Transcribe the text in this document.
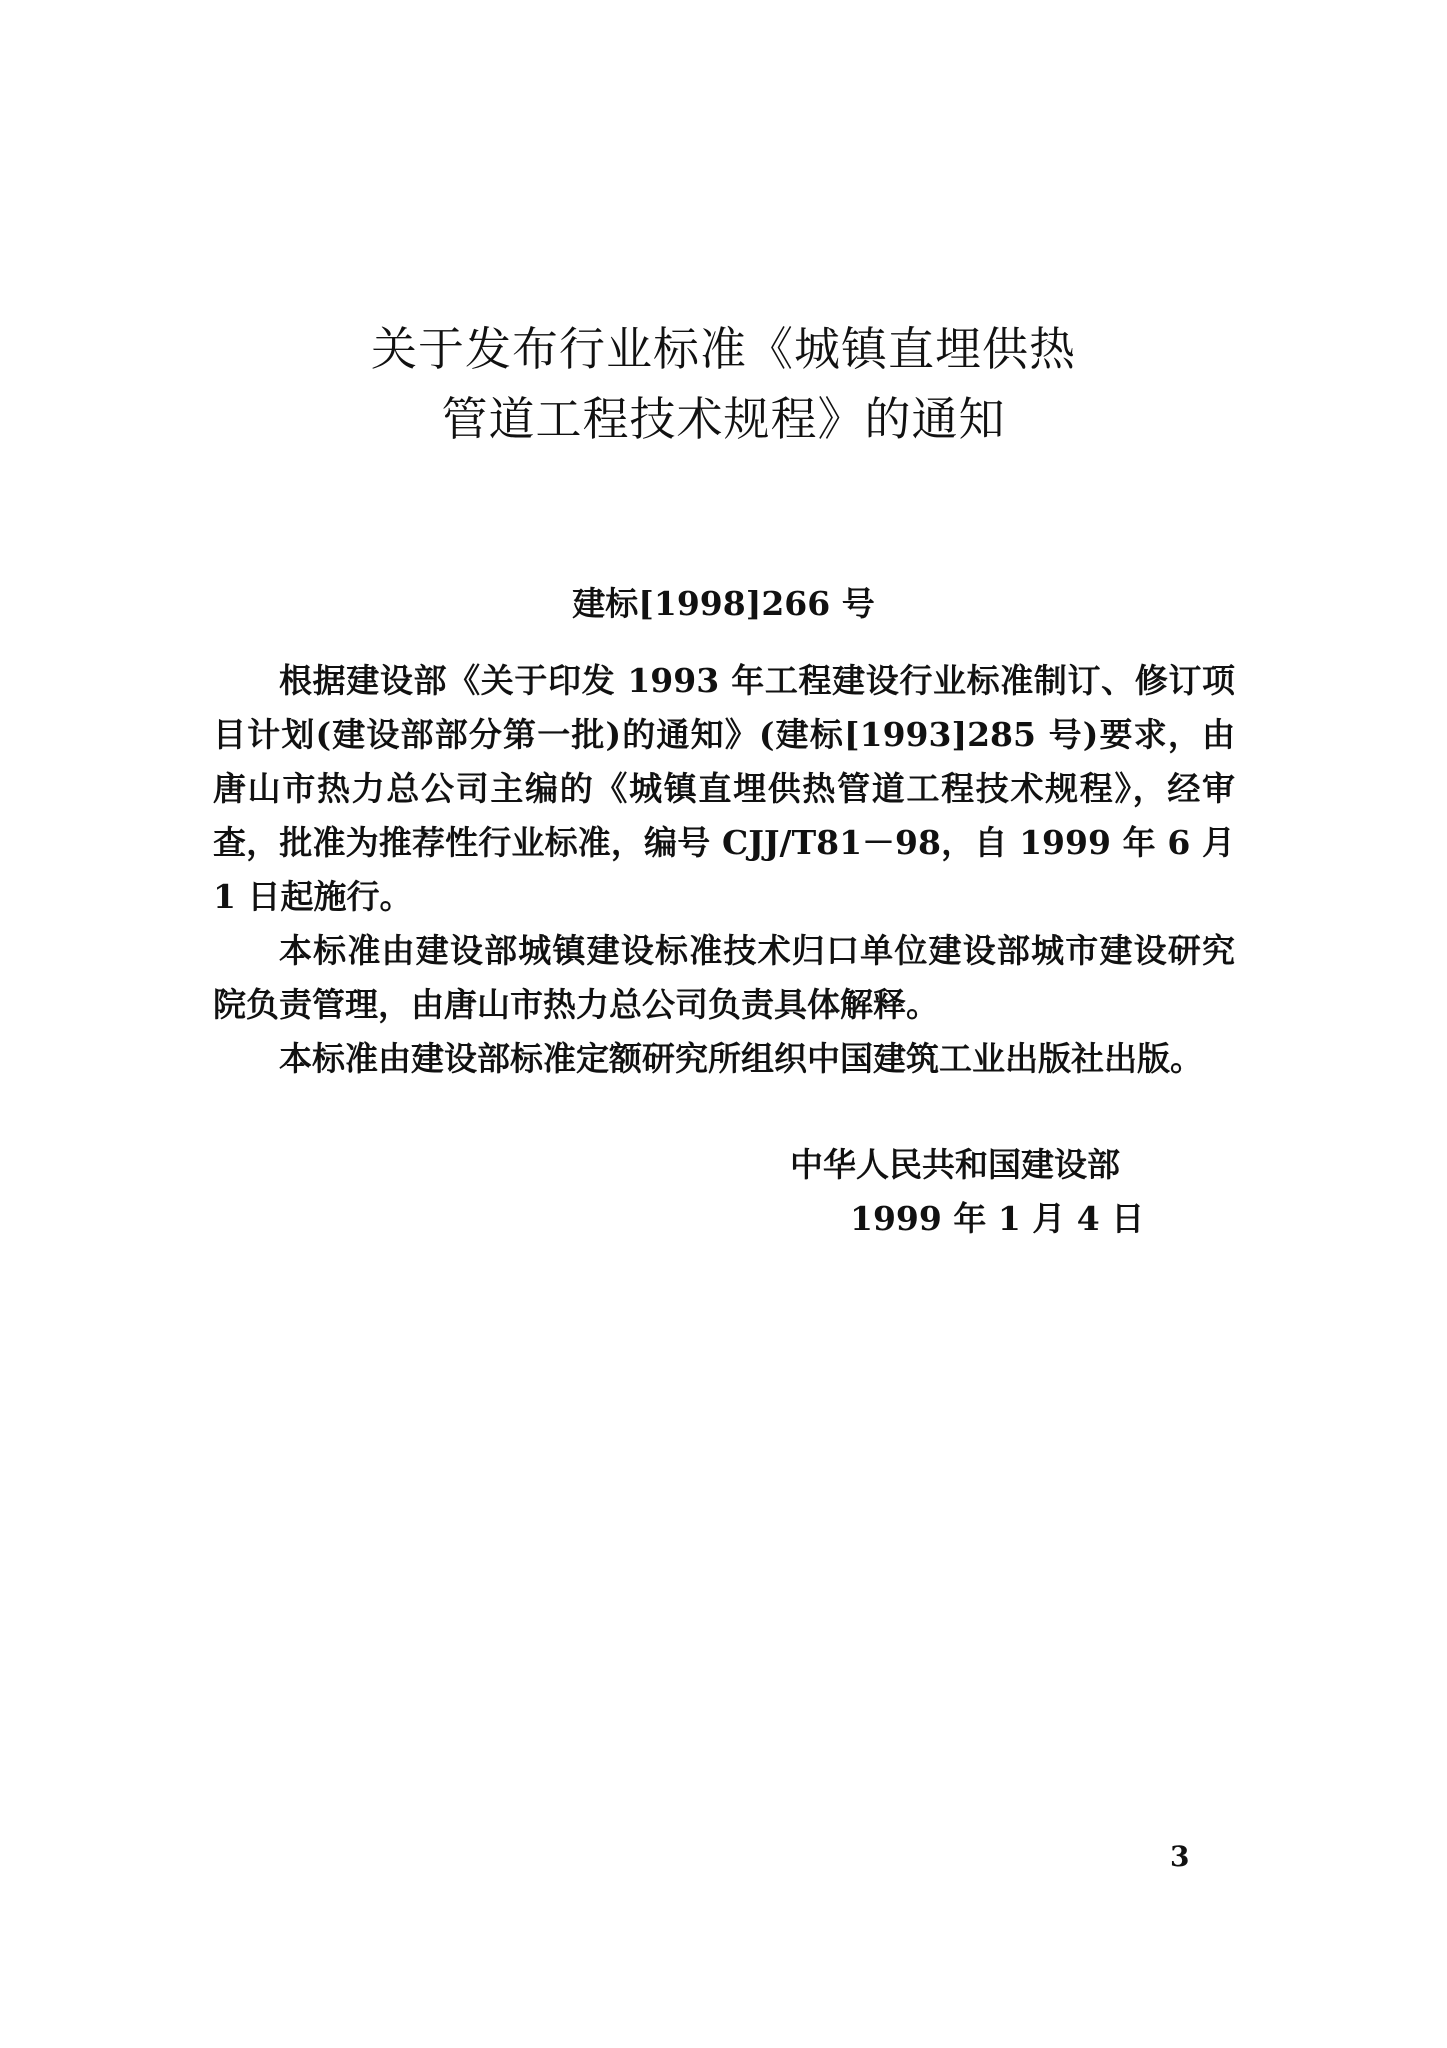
关于发布行业标准《城镇直埋供热
管道工程技术规程》的通知
建标[1998]266 号

根据建设部《关于印发 1993 年工程建设行业标准制订、修订项目计划(建设部部分第一批)的通知》(建标[1993]285 号)要求，由唐山市热力总公司主编的《城镇直埋供热管道工程技术规程》，经审查，批准为推荐性行业标准，编号 CJJ/T81－98，自 1999 年 6 月 1 日起施行。

本标准由建设部城镇建设标准技术归口单位建设部城市建设研究院负责管理，由唐山市热力总公司负责具体解释。

本标准由建设部标准定额研究所组织中国建筑工业出版社出版。

中华人民共和国建设部
1999 年 1 月 4 日
3
